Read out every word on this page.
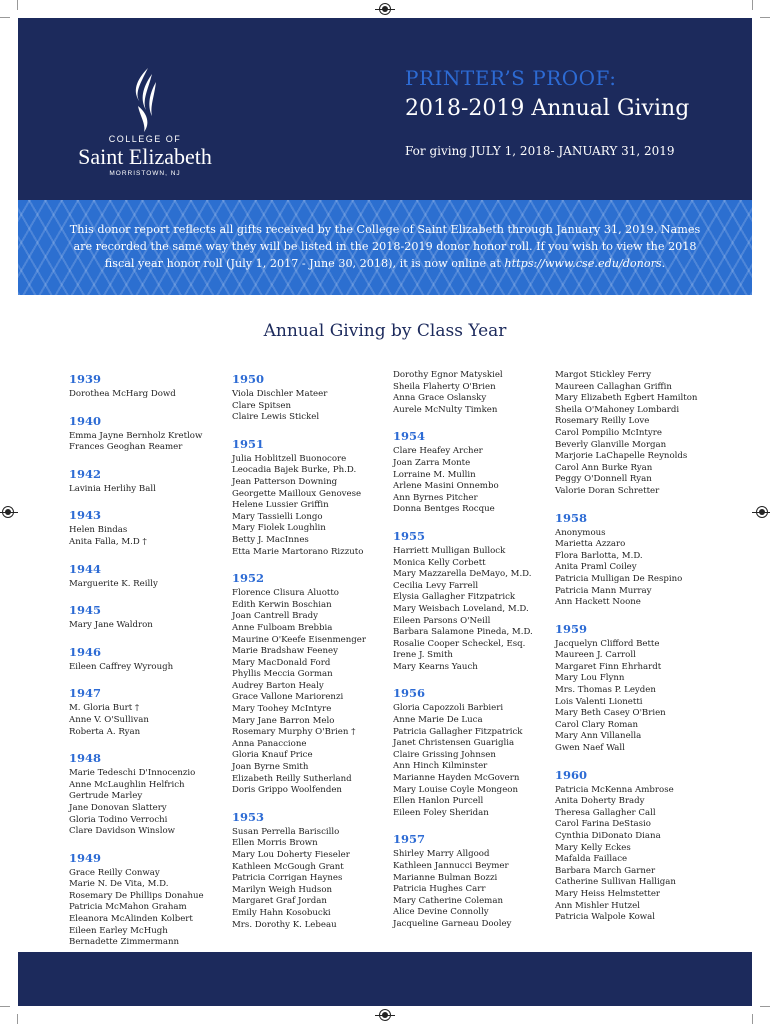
COLLEGE OF
Saint Elizabeth
MORRISTOWN, NJ
PRINTER’S PROOF:
2018-2019 Annual Giving
For giving JULY 1, 2018- JANUARY 31, 2019
This donor report reflects all gifts received by the College of Saint Elizabeth through January 31, 2019. Names are recorded the same way they will be listed in the 2018-2019 donor honor roll. If you wish to view the 2018 fiscal year honor roll (July 1, 2017 - June 30, 2018), it is now online at https://www.cse.edu/donors.
Annual Giving by Class Year
1939
Dorothea McHarg Dowd
1940
Emma Jayne Bernholz Kretlow
Frances Geoghan Reamer
1942
Lavinia Herlihy Ball
1943
Helen Bindas
Anita Falla, M.D †
1944
Marguerite K. Reilly
1945
Mary Jane Waldron
1946
Eileen Caffrey Wyrough
1947
M. Gloria Burt †
Anne V. O'Sullivan
Roberta A. Ryan
1948
Marie Tedeschi D'Innocenzio
Anne McLaughlin Helfrich
Gertrude Marley
Jane Donovan Slattery
Gloria Todino Verrochi
Clare Davidson Winslow
1949
Grace Reilly Conway
Marie N. De Vita, M.D.
Rosemary De Phillips Donahue
Patricia McMahon Graham
Eleanora McAlinden Kolbert
Eileen Earley McHugh
Bernadette Zimmermann
1950
Viola Dischler Mateer
Clare Spitsen
Claire Lewis Stickel
1951
Julia Hoblitzell Buonocore
Leocadia Bajek Burke, Ph.D.
Jean Patterson Downing
Georgette Mailloux Genovese
Helene Lussier Griffin
Mary Tassielli Longo
Mary Fiolek Loughlin
Betty J. MacInnes
Etta Marie Martorano Rizzuto
1952
Florence Clisura Aluotto
Edith Kerwin Boschian
Joan Cantrell Brady
Anne Fulboam Brebbia
Maurine O'Keefe Eisenmenger
Marie Bradshaw Feeney
Mary MacDonald Ford
Phyllis Meccia Gorman
Audrey Barton Healy
Grace Vallone Mariorenzi
Mary Toohey McIntyre
Mary Jane Barron Melo
Rosemary Murphy O'Brien †
Anna Panaccione
Gloria Knauf Price
Joan Byrne Smith
Elizabeth Reilly Sutherland
Doris Grippo Woolfenden
1953
Susan Perrella Bariscillo
Ellen Morris Brown
Mary Lou Doherty Fieseler
Kathleen McGough Grant
Patricia Corrigan Haynes
Marilyn Weigh Hudson
Margaret Graf Jordan
Emily Hahn Kosobucki
Mrs. Dorothy K. Lebeau
Dorothy Egnor Matyskiel
Sheila Flaherty O'Brien
Anna Grace Oslansky
Aurele McNulty Timken
1954
Clare Heafey Archer
Joan Zarra Monte
Lorraine M. Mullin
Arlene Masini Onnembo
Ann Byrnes Pitcher
Donna Bentges Rocque
1955
Harriett Mulligan Bullock
Monica Kelly Corbett
Mary Mazzarella DeMayo, M.D.
Cecilia Levy Farrell
Elysia Gallagher Fitzpatrick
Mary Weisbach Loveland, M.D.
Eileen Parsons O'Neill
Barbara Salamone Pineda, M.D.
Rosalie Cooper Scheckel, Esq.
Irene J. Smith
Mary Kearns Yauch
1956
Gloria Capozzoli Barbieri
Anne Marie De Luca
Patricia Gallagher Fitzpatrick
Janet Christensen Guariglia
Claire Grissing Johnsen
Ann Hinch Kilminster
Marianne Hayden McGovern
Mary Louise Coyle Mongeon
Ellen Hanlon Purcell
Eileen Foley Sheridan
1957
Shirley Marry Allgood
Kathleen Jannucci Beymer
Marianne Bulman Bozzi
Patricia Hughes Carr
Mary Catherine Coleman
Alice Devine Connolly
Jacqueline Garneau Dooley
Margot Stickley Ferry
Maureen Callaghan Griffin
Mary Elizabeth Egbert Hamilton
Sheila O'Mahoney Lombardi
Rosemary Reilly Love
Carol Pompilio McIntyre
Beverly Glanville Morgan
Marjorie LaChapelle Reynolds
Carol Ann Burke Ryan
Peggy O'Donnell Ryan
Valorie Doran Schretter
1958
Anonymous
Marietta Azzaro
Flora Barlotta, M.D.
Anita Praml Coiley
Patricia Mulligan De Respino
Patricia Mann Murray
Ann Hackett Noone
1959
Jacquelyn Clifford Bette
Maureen J. Carroll
Margaret Finn Ehrhardt
Mary Lou Flynn
Mrs. Thomas P. Leyden
Lois Valenti Lionetti
Mary Beth Casey O'Brien
Carol Clary Roman
Mary Ann Villanella
Gwen Naef Wall
1960
Patricia McKenna Ambrose
Anita Doherty Brady
Theresa Gallagher Call
Carol Farina DeStasio
Cynthia DiDonato Diana
Mary Kelly Eckes
Mafalda Faillace
Barbara March Garner
Catherine Sullivan Halligan
Mary Heiss Helmstetter
Ann Mishler Hutzel
Patricia Walpole Kowal
